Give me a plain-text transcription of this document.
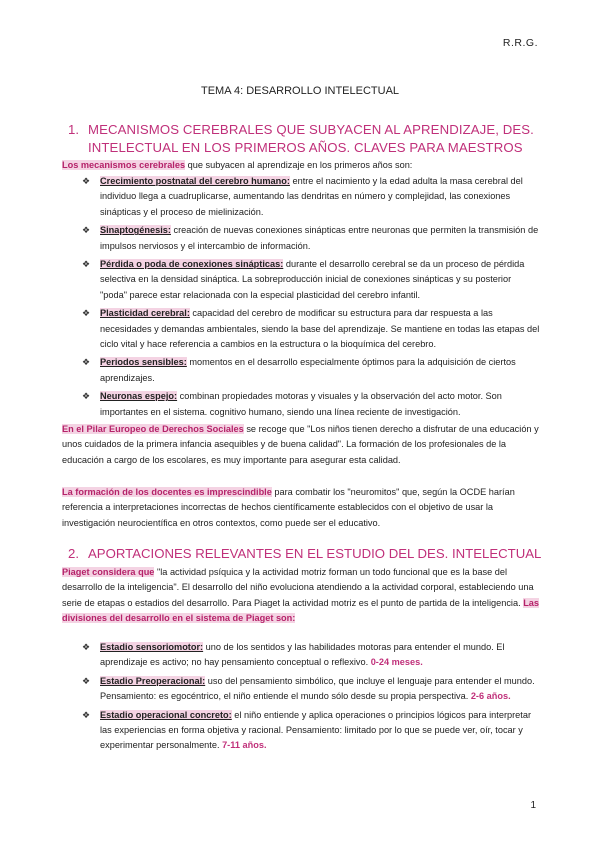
R.R.G.
TEMA 4: DESARROLLO INTELECTUAL
1. MECANISMOS CEREBRALES QUE SUBYACEN AL APRENDIZAJE, DES. INTELECTUAL EN LOS PRIMEROS AÑOS. CLAVES PARA MAESTROS
Los mecanismos cerebrales que subyacen al aprendizaje en los primeros años son:
❖ Crecimiento postnatal del cerebro humano: entre el nacimiento y la edad adulta la masa cerebral del individuo llega a cuadruplicarse, aumentando las dendritas en número y complejidad, las conexiones sinápticas y el proceso de mielinización.
❖ Sinaptogénesis: creación de nuevas conexiones sinápticas entre neuronas que permiten la transmisión de impulsos nerviosos y el intercambio de información.
❖ Pérdida o poda de conexiones sinápticas: durante el desarrollo cerebral se da un proceso de pérdida selectiva en la densidad sináptica. La sobreproducción inicial de conexiones sinápticas y su posterior "poda" parece estar relacionada con la especial plasticidad del cerebro infantil.
❖ Plasticidad cerebral: capacidad del cerebro de modificar su estructura para dar respuesta a las necesidades y demandas ambientales, siendo la base del aprendizaje. Se mantiene en todas las etapas del ciclo vital y hace referencia a cambios en la estructura o la bioquímica del cerebro.
❖ Periodos sensibles: momentos en el desarrollo especialmente óptimos para la adquisición de ciertos aprendizajes.
❖ Neuronas espejo: combinan propiedades motoras y visuales y la observación del acto motor. Son importantes en el sistema. cognitivo humano, siendo una línea reciente de investigación.
En el Pilar Europeo de Derechos Sociales se recoge que "Los niños tienen derecho a disfrutar de una educación y unos cuidados de la primera infancia asequibles y de buena calidad". La formación de los profesionales de la educación a cargo de los escolares, es muy importante para asegurar esta calidad.
La formación de los docentes es imprescindible para combatir los "neuromitos" que, según la OCDE harían referencia a interpretaciones incorrectas de hechos científicamente establecidos con el objetivo de usar la investigación neurocientífica en otros contextos, como puede ser el educativo.
2. APORTACIONES RELEVANTES EN EL ESTUDIO DEL DES. INTELECTUAL
Piaget considera que "la actividad psíquica y la actividad motriz forman un todo funcional que es la base del desarrollo de la inteligencia". El desarrollo del niño evoluciona atendiendo a la actividad corporal, estableciendo una serie de etapas o estadios del desarrollo. Para Piaget la actividad motriz es el punto de partida de la inteligencia. Las divisiones del desarrollo en el sistema de Piaget son:
❖ Estadio sensoriomotor: uno de los sentidos y las habilidades motoras para entender el mundo. El aprendizaje es activo; no hay pensamiento conceptual o reflexivo. 0-24 meses.
❖ Estadio Preoperacional: uso del pensamiento simbólico, que incluye el lenguaje para entender el mundo. Pensamiento: es egocéntrico, el niño entiende el mundo sólo desde su propia perspectiva. 2-6 años.
❖ Estadio operacional concreto: el niño entiende y aplica operaciones o principios lógicos para interpretar las experiencias en forma objetiva y racional. Pensamiento: limitado por lo que se puede ver, oír, tocar y experimentar personalmente. 7-11 años.
1
